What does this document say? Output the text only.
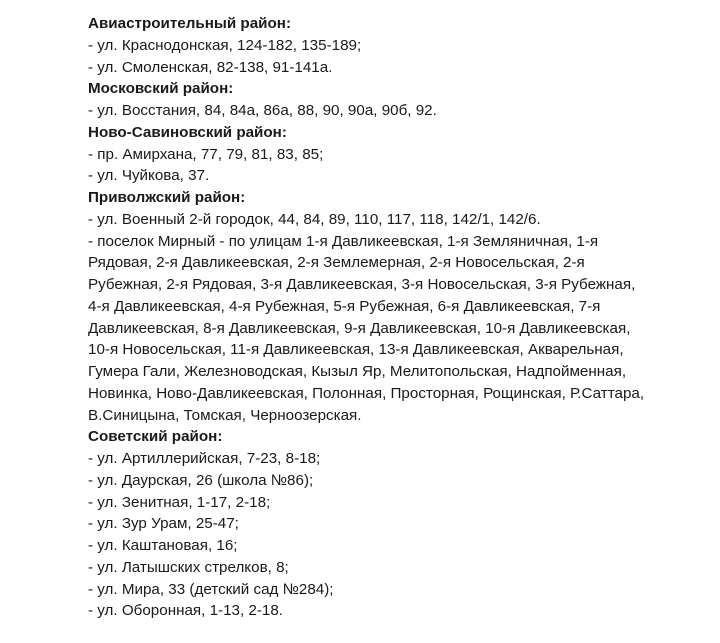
Авиастроительный район:

- ул. Краснодонская, 124-182, 135-189;

- ул. Смоленская, 82-138, 91-141а.

Московский район:

- ул. Восстания, 84, 84а, 86а, 88, 90, 90а, 90б, 92.

Ново-Савиновский район:

- пр. Амирхана, 77, 79, 81, 83, 85;

- ул. Чуйкова, 37.

Приволжский район:

- ул. Военный 2-й городок, 44, 84, 89, 110, 117, 118, 142/1, 142/6.

- поселок Мирный - по улицам 1-я Давликеевская, 1-я Земляничная, 1-я

Рядовая, 2-я Давликеевская, 2-я Землемерная, 2-я Новосельская, 2-я

Рубежная, 2-я Рядовая, 3-я Давликеевская, 3-я Новосельская, 3-я Рубежная,

4-я Давликеевская, 4-я Рубежная, 5-я Рубежная, 6-я Давликеевская, 7-я

Давликеевская, 8-я Давликеевская, 9-я Давликеевская, 10-я Давликеевская,

10-я Новосельская, 11-я Давликеевская, 13-я Давликеевская, Акварельная,

Гумера Гали, Железноводская, Кызыл Яр, Мелитопольская, Надпойменная,

Новинка, Ново-Давликеевская, Полонная, Просторная, Рощинская, Р.Саттара,

В.Синицына, Томская, Черноозерская.

Советский район:

- ул. Артиллерийская, 7-23, 8-18;

- ул. Даурская, 26 (школа №86);

- ул. Зенитная, 1-17, 2-18;

- ул. Зур Урам, 25-47;

- ул. Каштановая, 16;

- ул. Латышских стрелков, 8;

- ул. Мира, 33 (детский сад №284);

- ул. Оборонная, 1-13, 2-18.
